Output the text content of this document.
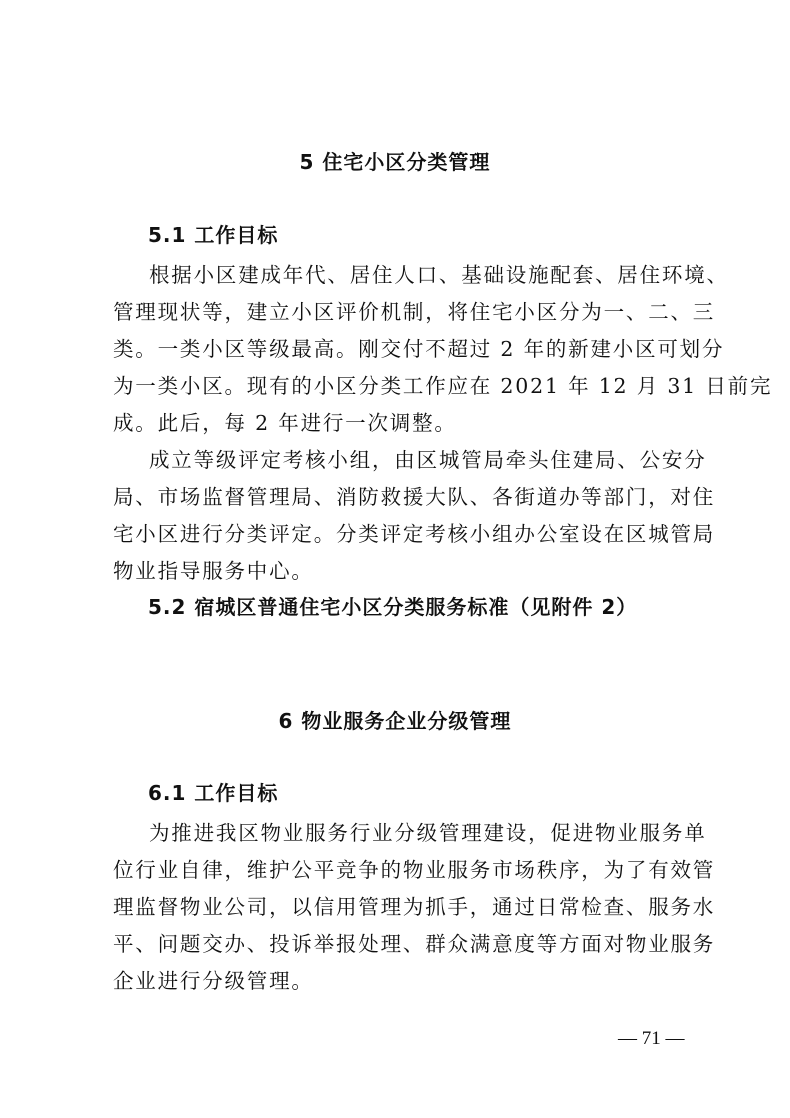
5 住宅小区分类管理
5.1 工作目标
根据小区建成年代、居住人口、基础设施配套、居住环境、
管理现状等，建立小区评价机制，将住宅小区分为一、二、三
类。一类小区等级最高。刚交付不超过 2 年的新建小区可划分
为一类小区。现有的小区分类工作应在 2021 年 12 月 31 日前完
成。此后，每 2 年进行一次调整。
成立等级评定考核小组，由区城管局牵头住建局、公安分
局、市场监督管理局、消防救援大队、各街道办等部门，对住
宅小区进行分类评定。分类评定考核小组办公室设在区城管局
物业指导服务中心。
5.2 宿城区普通住宅小区分类服务标准（见附件 2）
6 物业服务企业分级管理
6.1 工作目标
为推进我区物业服务行业分级管理建设，促进物业服务单
位行业自律，维护公平竞争的物业服务市场秩序，为了有效管
理监督物业公司，以信用管理为抓手，通过日常检查、服务水
平、问题交办、投诉举报处理、群众满意度等方面对物业服务
企业进行分级管理。
— 71 —
